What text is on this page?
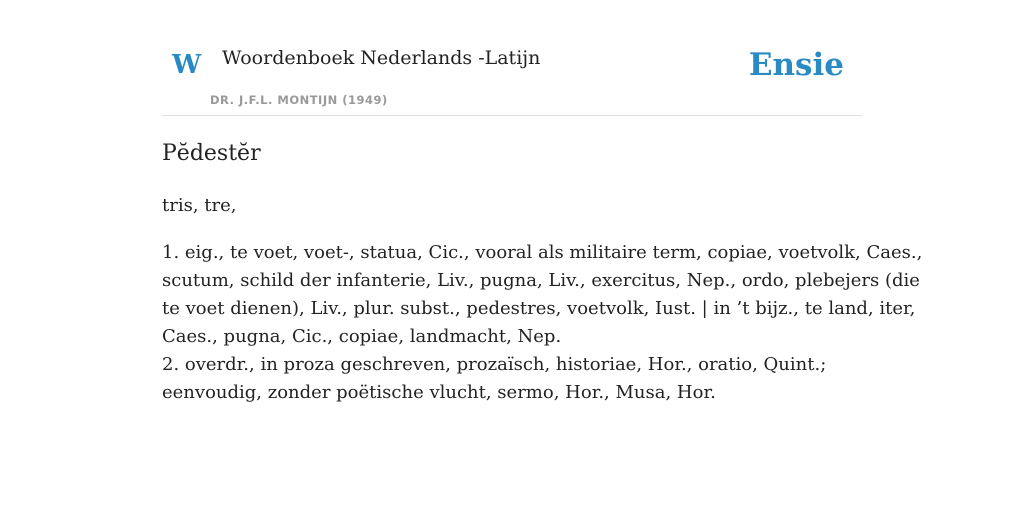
W Woordenboek Nederlands -Latijn
DR. J.F.L. MONTIJN (1949)
Ensie
Pĕdestĕr
tris, tre,
1. eig., te voet, voet-, statua, Cic., vooral als militaire term, copiae, voetvolk, Caes.,
scutum, schild der infanterie, Liv., pugna, Liv., exercitus, Nep., ordo, plebejers (die
te voet dienen), Liv., plur. subst., pedestres, voetvolk, Iust. | in ’t bijz., te land, iter,
Caes., pugna, Cic., copiae, landmacht, Nep.
2. overdr., in proza geschreven, prozaïsch, historiae, Hor., oratio, Quint.;
eenvoudig, zonder poëtische vlucht, sermo, Hor., Musa, Hor.
